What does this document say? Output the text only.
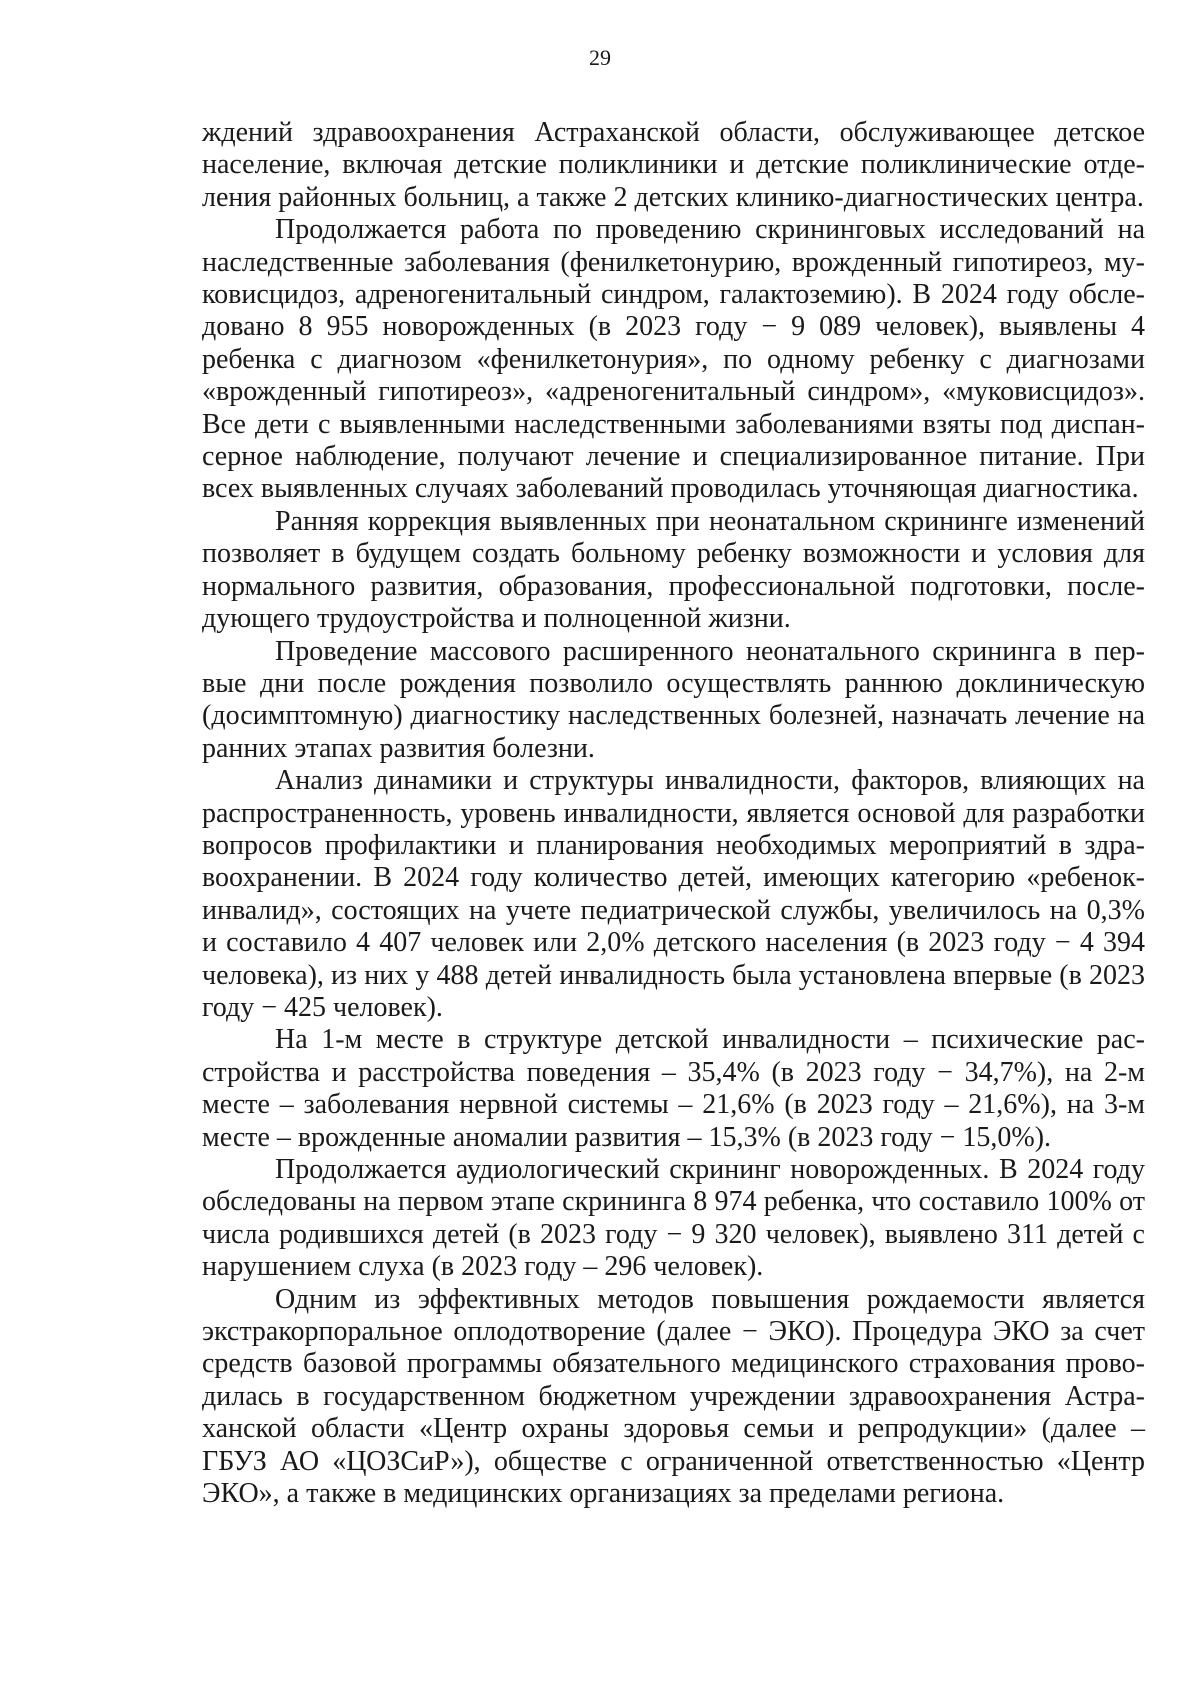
29

ждений здравоохранения Астраханской области, обслуживающее детское население, включая детские поликлиники и детские поликлинические отделения районных больниц, а также 2 детских клинико-диагностических центра.

Продолжается работа по проведению скрининговых исследований на наследственные заболевания (фенилкетонурию, врожденный гипотиреоз, муковисцидоз, адреногенитальный синдром, галактоземию). В 2024 году обследовано 8 955 новорожденных (в 2023 году − 9 089 человек), выявлены 4 ребенка с диагнозом «фенилкетонурия», по одному ребенку с диагнозами «врожденный гипотиреоз», «адреногенитальный синдром», «муковисцидоз». Все дети с выявленными наследственными заболеваниями взяты под диспансерное наблюдение, получают лечение и специализированное питание. При всех выявленных случаях заболеваний проводилась уточняющая диагностика.

Ранняя коррекция выявленных при неонатальном скрининге изменений позволяет в будущем создать больному ребенку возможности и условия для нормального развития, образования, профессиональной подготовки, последующего трудоустройства и полноценной жизни.

Проведение массового расширенного неонатального скрининга в первые дни после рождения позволило осуществлять раннюю доклиническую (досимптомную) диагностику наследственных болезней, назначать лечение на ранних этапах развития болезни.

Анализ динамики и структуры инвалидности, факторов, влияющих на распространенность, уровень инвалидности, является основой для разработки вопросов профилактики и планирования необходимых мероприятий в здравоохранении. В 2024 году количество детей, имеющих категорию «ребенок-инвалид», состоящих на учете педиатрической службы, увеличилось на 0,3% и составило 4 407 человек или 2,0% детского населения (в 2023 году − 4 394 человека), из них у 488 детей инвалидность была установлена впервые (в 2023 году − 425 человек).

На 1-м месте в структуре детской инвалидности – психические расстройства и расстройства поведения – 35,4% (в 2023 году − 34,7%), на 2-м месте – заболевания нервной системы – 21,6% (в 2023 году – 21,6%), на 3-м месте – врожденные аномалии развития – 15,3% (в 2023 году − 15,0%).

Продолжается аудиологический скрининг новорожденных. В 2024 году обследованы на первом этапе скрининга 8 974 ребенка, что составило 100% от числа родившихся детей (в 2023 году − 9 320 человек), выявлено 311 детей с нарушением слуха (в 2023 году – 296 человек).

Одним из эффективных методов повышения рождаемости является экстракорпоральное оплодотворение (далее − ЭКО). Процедура ЭКО за счет средств базовой программы обязательного медицинского страхования проводилась в государственном бюджетном учреждении здравоохранения Астраханской области «Центр охраны здоровья семьи и репродукции» (далее – ГБУЗ АО «ЦОЗСиР»), обществе с ограниченной ответственностью «Центр ЭКО», а также в медицинских организациях за пределами региона.
